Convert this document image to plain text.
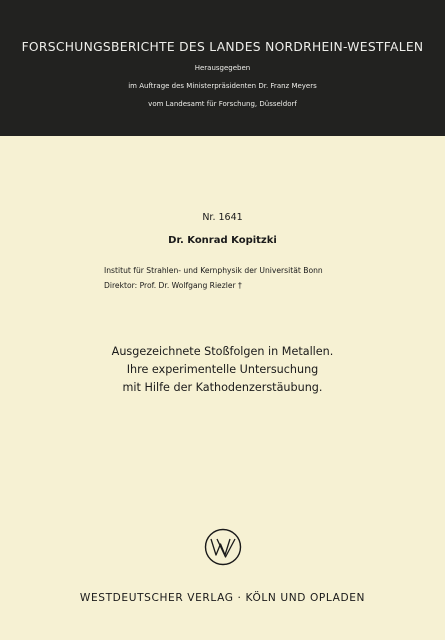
FORSCHUNGSBERICHTE DES LANDES NORDRHEIN-WESTFALEN
Herausgegeben
im Auftrage des Ministerpräsidenten Dr. Franz Meyers
vom Landesamt für Forschung, Düsseldorf
Nr. 1641
Dr. Konrad Kopitzki
Institut für Strahlen- und Kernphysik der Universität Bonn
Direktor: Prof. Dr. Wolfgang Riezler †
Ausgezeichnete Stoßfolgen in Metallen.
Ihre experimentelle Untersuchung
mit Hilfe der Kathodenzerstäubung.
WESTDEUTSCHER VERLAG · KÖLN UND OPLADEN
